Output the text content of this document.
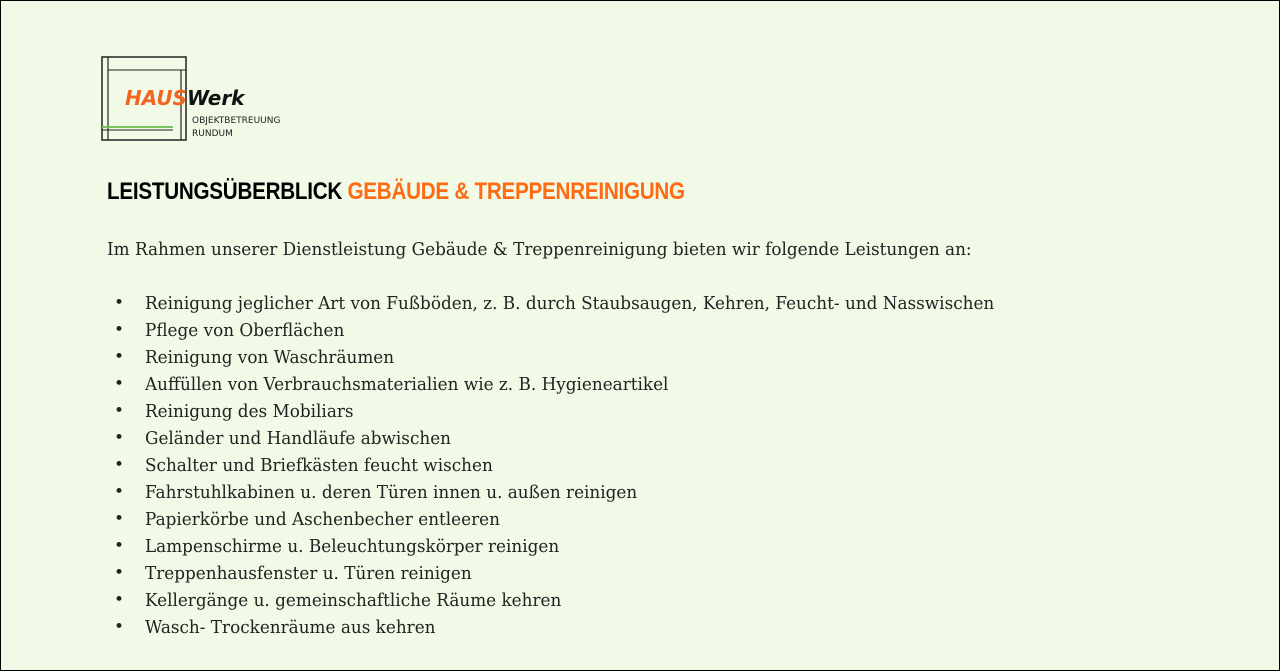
HAUSWerk
OBJEKTBETREUUNG
RUNDUM
LEISTUNGSÜBERBLICK GEBÄUDE & TREPPENREINIGUNG
Im Rahmen unserer Dienstleistung Gebäude & Treppenreinigung bieten wir folgende Leistungen an:
• Reinigung jeglicher Art von Fußböden, z. B. durch Staubsaugen, Kehren, Feucht- und Nasswischen
• Pflege von Oberflächen
• Reinigung von Waschräumen
• Auffüllen von Verbrauchsmaterialien wie z. B. Hygieneartikel
• Reinigung des Mobiliars
• Geländer und Handläufe abwischen
• Schalter und Briefkästen feucht wischen
• Fahrstuhlkabinen u. deren Türen innen u. außen reinigen
• Papierkörbe und Aschenbecher entleeren
• Lampenschirme u. Beleuchtungskörper reinigen
• Treppenhausfenster u. Türen reinigen
• Kellergänge u. gemeinschaftliche Räume kehren
• Wasch- Trockenräume aus kehren
